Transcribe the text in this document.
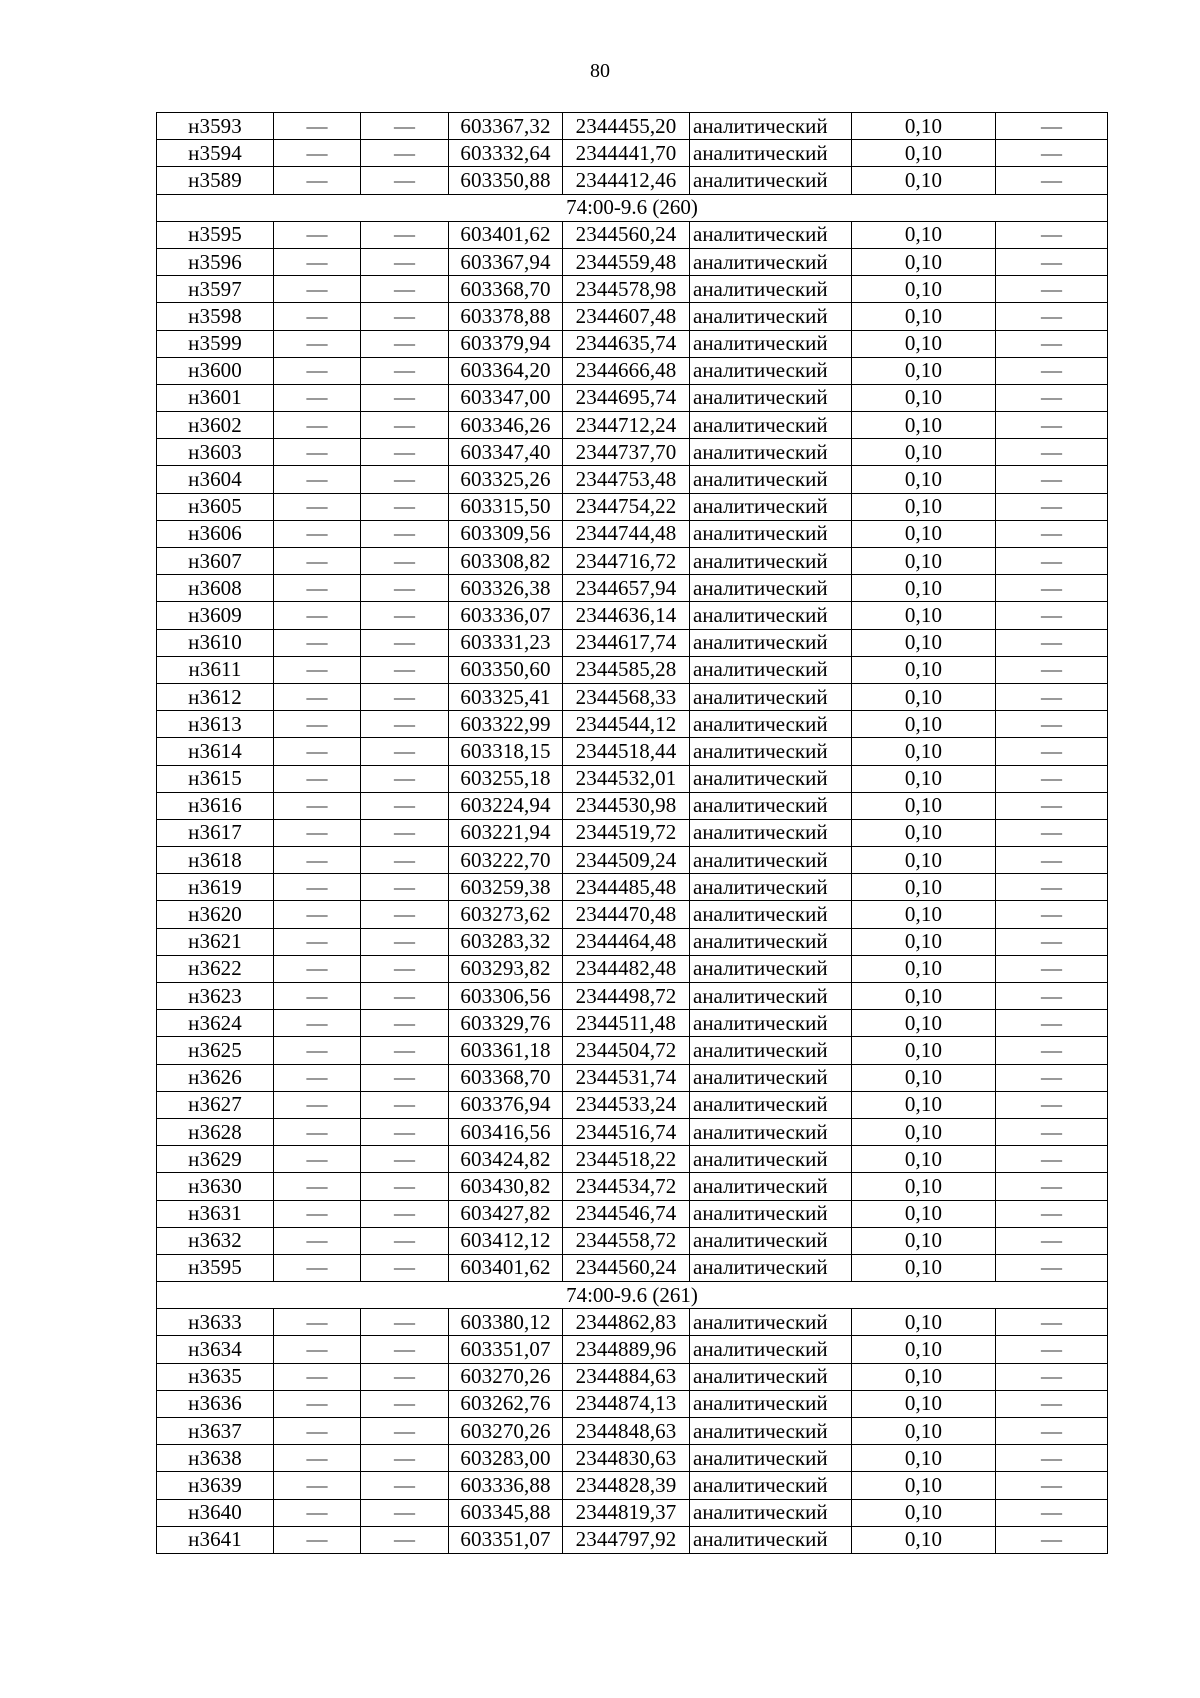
80
н3593	—	—	603367,32	2344455,20	аналитический	0,10	—
н3594	—	—	603332,64	2344441,70	аналитический	0,10	—
н3589	—	—	603350,88	2344412,46	аналитический	0,10	—
74:00-9.6 (260)							
н3595	—	—	603401,62	2344560,24	аналитический	0,10	—
н3596	—	—	603367,94	2344559,48	аналитический	0,10	—
н3597	—	—	603368,70	2344578,98	аналитический	0,10	—
н3598	—	—	603378,88	2344607,48	аналитический	0,10	—
н3599	—	—	603379,94	2344635,74	аналитический	0,10	—
н3600	—	—	603364,20	2344666,48	аналитический	0,10	—
н3601	—	—	603347,00	2344695,74	аналитический	0,10	—
н3602	—	—	603346,26	2344712,24	аналитический	0,10	—
н3603	—	—	603347,40	2344737,70	аналитический	0,10	—
н3604	—	—	603325,26	2344753,48	аналитический	0,10	—
н3605	—	—	603315,50	2344754,22	аналитический	0,10	—
н3606	—	—	603309,56	2344744,48	аналитический	0,10	—
н3607	—	—	603308,82	2344716,72	аналитический	0,10	—
н3608	—	—	603326,38	2344657,94	аналитический	0,10	—
н3609	—	—	603336,07	2344636,14	аналитический	0,10	—
н3610	—	—	603331,23	2344617,74	аналитический	0,10	—
н3611	—	—	603350,60	2344585,28	аналитический	0,10	—
н3612	—	—	603325,41	2344568,33	аналитический	0,10	—
н3613	—	—	603322,99	2344544,12	аналитический	0,10	—
н3614	—	—	603318,15	2344518,44	аналитический	0,10	—
н3615	—	—	603255,18	2344532,01	аналитический	0,10	—
н3616	—	—	603224,94	2344530,98	аналитический	0,10	—
н3617	—	—	603221,94	2344519,72	аналитический	0,10	—
н3618	—	—	603222,70	2344509,24	аналитический	0,10	—
н3619	—	—	603259,38	2344485,48	аналитический	0,10	—
н3620	—	—	603273,62	2344470,48	аналитический	0,10	—
н3621	—	—	603283,32	2344464,48	аналитический	0,10	—
н3622	—	—	603293,82	2344482,48	аналитический	0,10	—
н3623	—	—	603306,56	2344498,72	аналитический	0,10	—
н3624	—	—	603329,76	2344511,48	аналитический	0,10	—
н3625	—	—	603361,18	2344504,72	аналитический	0,10	—
н3626	—	—	603368,70	2344531,74	аналитический	0,10	—
н3627	—	—	603376,94	2344533,24	аналитический	0,10	—
н3628	—	—	603416,56	2344516,74	аналитический	0,10	—
н3629	—	—	603424,82	2344518,22	аналитический	0,10	—
н3630	—	—	603430,82	2344534,72	аналитический	0,10	—
н3631	—	—	603427,82	2344546,74	аналитический	0,10	—
н3632	—	—	603412,12	2344558,72	аналитический	0,10	—
н3595	—	—	603401,62	2344560,24	аналитический	0,10	—
74:00-9.6 (261)							
н3633	—	—	603380,12	2344862,83	аналитический	0,10	—
н3634	—	—	603351,07	2344889,96	аналитический	0,10	—
н3635	—	—	603270,26	2344884,63	аналитический	0,10	—
н3636	—	—	603262,76	2344874,13	аналитический	0,10	—
н3637	—	—	603270,26	2344848,63	аналитический	0,10	—
н3638	—	—	603283,00	2344830,63	аналитический	0,10	—
н3639	—	—	603336,88	2344828,39	аналитический	0,10	—
н3640	—	—	603345,88	2344819,37	аналитический	0,10	—
н3641	—	—	603351,07	2344797,92	аналитический	0,10	—
